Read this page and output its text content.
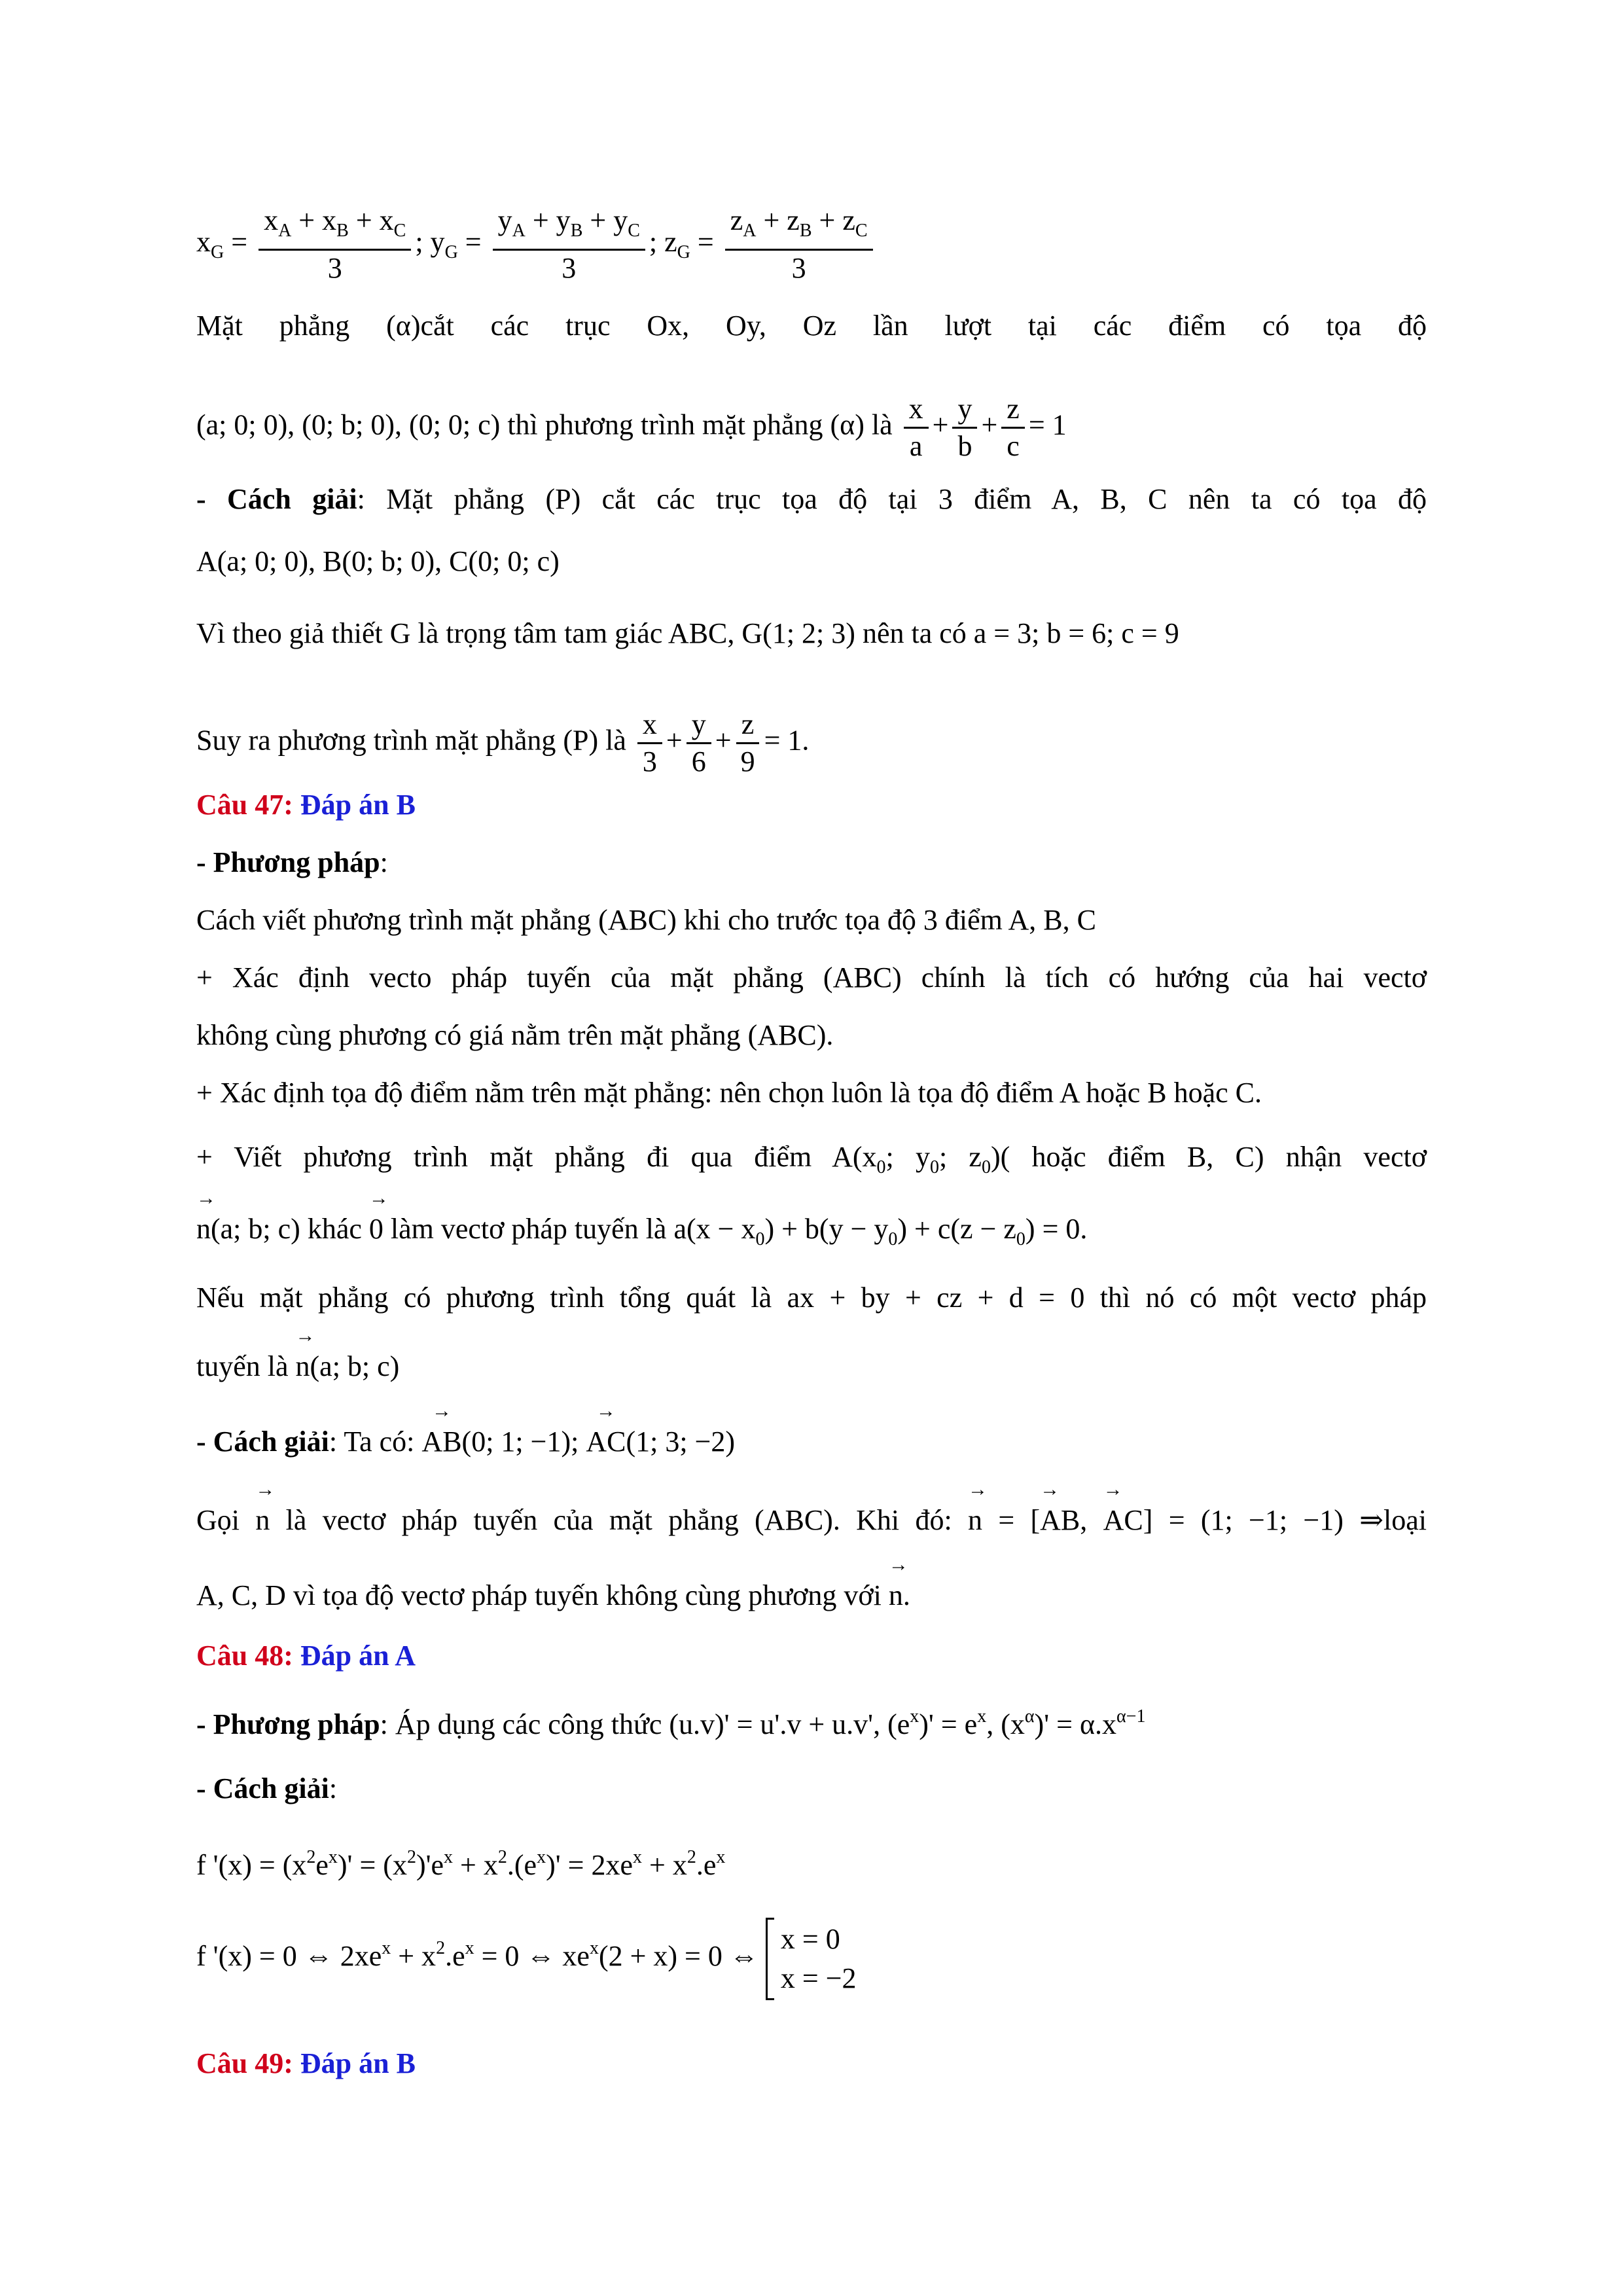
$x_G = \frac{x_A + x_B + x_C}{3}$ ; $y_G = \frac{y_A + y_B + y_C}{3}$ ; $z_G = \frac{z_A + z_B + z_C}{3}$
Mặt phẳng (α)cắt các trục Ox, Oy, Oz lần lượt tại các điểm có tọa độ
(a; 0; 0), (0; b; 0), (0; 0; c) thì phương trình mặt phẳng (α) là $\frac{x}{a} + \frac{y}{b} + \frac{z}{c} = 1$
- Cách giải: Mặt phẳng (P) cắt các trục tọa độ tại 3 điểm A, B, C nên ta có tọa độ
A(a; 0; 0), B(0; b; 0), C(0; 0; c)
Vì theo giả thiết G là trọng tâm tam giác ABC, G(1; 2; 3) nên ta có a = 3; b = 6; c = 9
Suy ra phương trình mặt phẳng (P) là $\frac{x}{3} + \frac{y}{6} + \frac{z}{9} = 1$.
Câu 47: Đáp án B
- Phương pháp:
Cách viết phương trình mặt phẳng (ABC) khi cho trước tọa độ 3 điểm A, B, C
+ Xác định vecto pháp tuyến của mặt phẳng (ABC) chính là tích có hướng của hai vectơ
không cùng phương có giá nằm trên mặt phẳng (ABC).
+ Xác định tọa độ điểm nằm trên mặt phẳng: nên chọn luôn là tọa độ điểm A hoặc B hoặc C.
+ Viết phương trình mặt phẳng đi qua điểm $A(x_0$; $y_0$; $z_0$)( hoặc điểm B, C) nhận vectơ
→ n(a; b; c) khác → 0 làm vectơ pháp tuyến là $a(x - x_0) + b(y - y_0) + c(z - z_0) = 0$.
Nếu mặt phẳng có phương trình tổng quát là ax + by + cz + d = 0 thì nó có một vectơ pháp
tuyến là → n(a; b; c)
- Cách giải: Ta có: → AB(0; 1; −1); → AC(1; 3; −2)
Gọi → n là vectơ pháp tuyến của mặt phẳng (ABC). Khi đó: → n = [→ AB, → AC] = (1; −1; −1) ⇒loại
A, C, D vì tọa độ vectơ pháp tuyến không cùng phương với → n.
Câu 48: Đáp án A
- Phương pháp: Áp dụng các công thức (u.v)' = u'.v + u.v', $(e^x)' = e^x$, $(x^\alpha)' = \alpha.x^{\alpha-1}$
- Cách giải:
f '$(x) = (x^2e^x)' = (x^2)'e^x + x^2.(e^x)' = 2xe^x + x^2.e^x$
f '(x) = 0 ⇔ $2xe^x + x^2.e^x = 0$ ⇔ $xe^x(2 + x) = 0$ ⇔
x = 0
x = −2
Câu 49: Đáp án B
